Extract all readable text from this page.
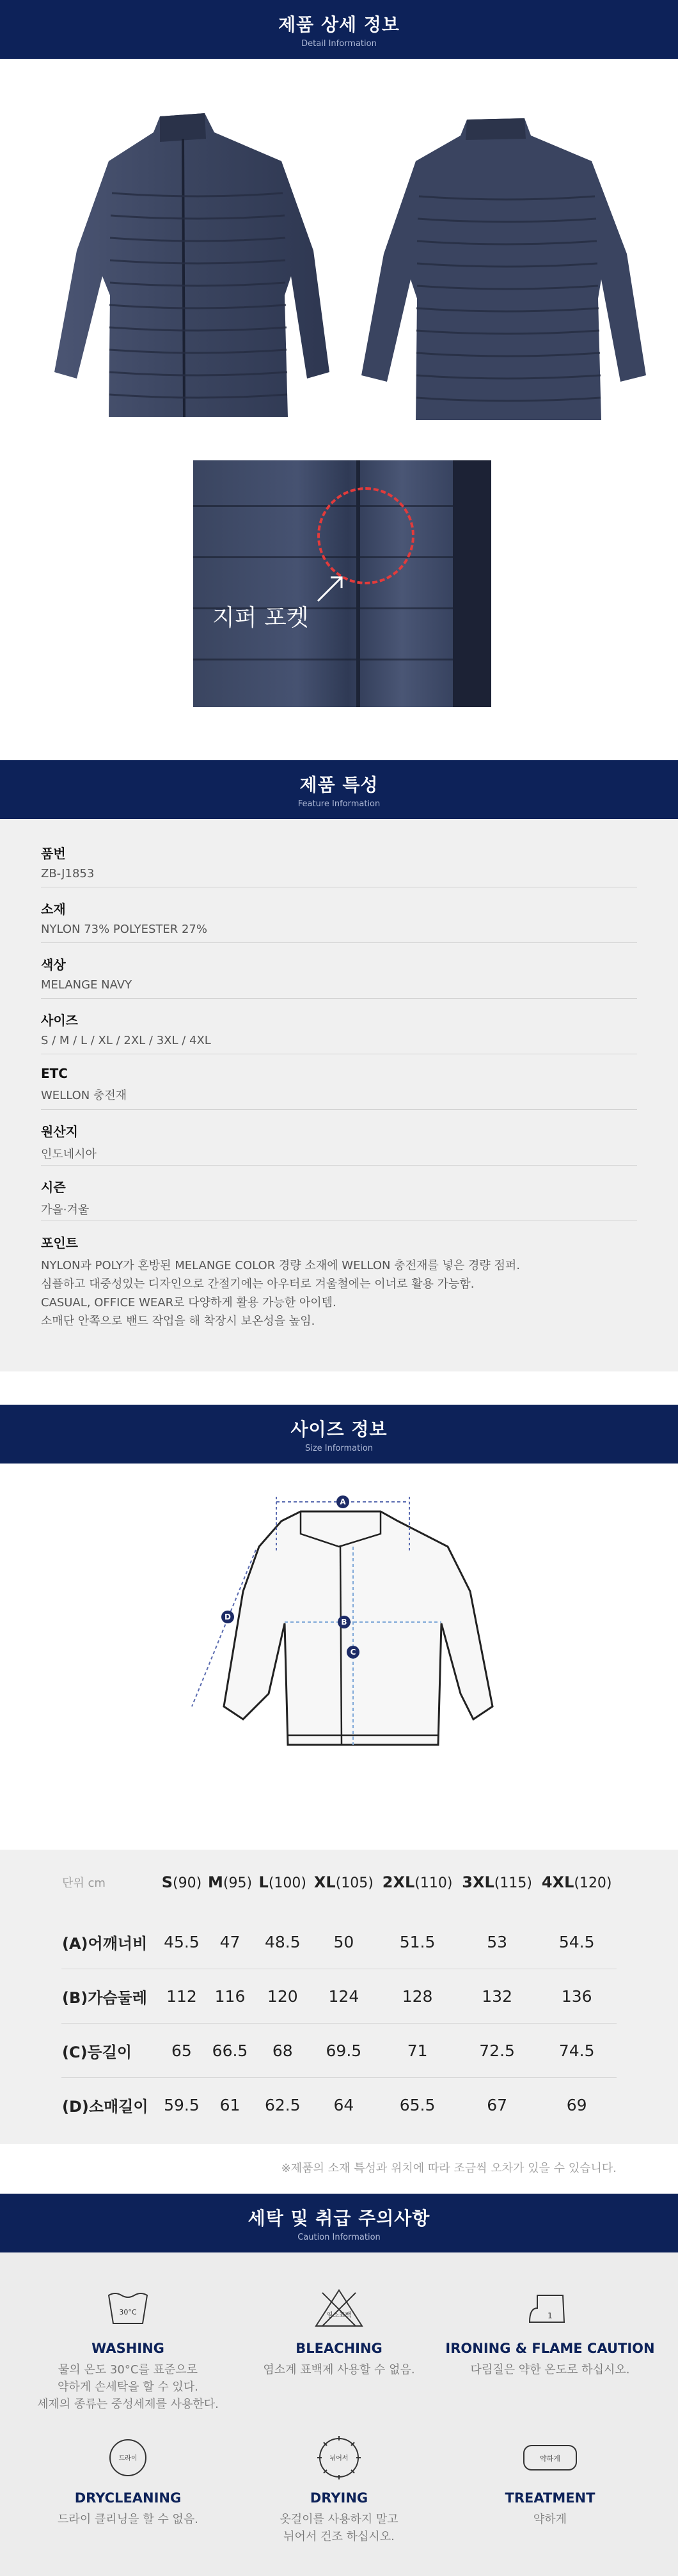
제품 상세 정보
Detail Information
지퍼 포켓
제품 특성
Feature Information
품번
ZB-J1853
소재
NYLON 73% POLYESTER 27%
색상
MELANGE NAVY
사이즈
S / M / L / XL / 2XL / 3XL / 4XL
ETC
WELLON 충전재
원산지
인도네시아
시즌
가을·겨울
포인트
NYLON과 POLY가 혼방된 MELANGE COLOR 경량 소재에 WELLON 충전재를 넣은 경량 점퍼.
심플하고 대중성있는 디자인으로 간절기에는 아우터로 겨울철에는 이너로 활용 가능함.
CASUAL, OFFICE WEAR로 다양하게 활용 가능한 아이템.
소매단 안쪽으로 밴드 작업을 해 착장시 보온성을 높임.
사이즈 정보
Size Information
A
B
C
D
단위 cm	S(90)	M(95)	L(100)	XL(105)	2XL(110)	3XL(115)	4XL(120)
(A)어깨너비	45.5	47	48.5	50	51.5	53	54.5
(B)가슴둘레	112	116	120	124	128	132	136
(C)등길이	65	66.5	68	69.5	71	72.5	74.5
(D)소매길이	59.5	61	62.5	64	65.5	67	69
※제품의 소재 특성과 위치에 따라 조금씩 오차가 있을 수 있습니다.
세탁 및 취급 주의사항
Caution Information
30°C
WASHING
물의 온도 30°C를 표준으로
약하게 손세탁을 할 수 있다.
세제의 종류는 중성세제를 사용한다.
염소표백
BLEACHING
염소계 표백제 사용할 수 없음.
1
IRONING & FLAME CAUTION
다림질은 약한 온도로 하십시오.
드라이
DRYCLEANING
드라이 클리닝을 할 수 없음.
뉘어서
DRYING
옷걸이를 사용하지 말고
뉘어서 건조 하십시오.
약하게
TREATMENT
약하게
